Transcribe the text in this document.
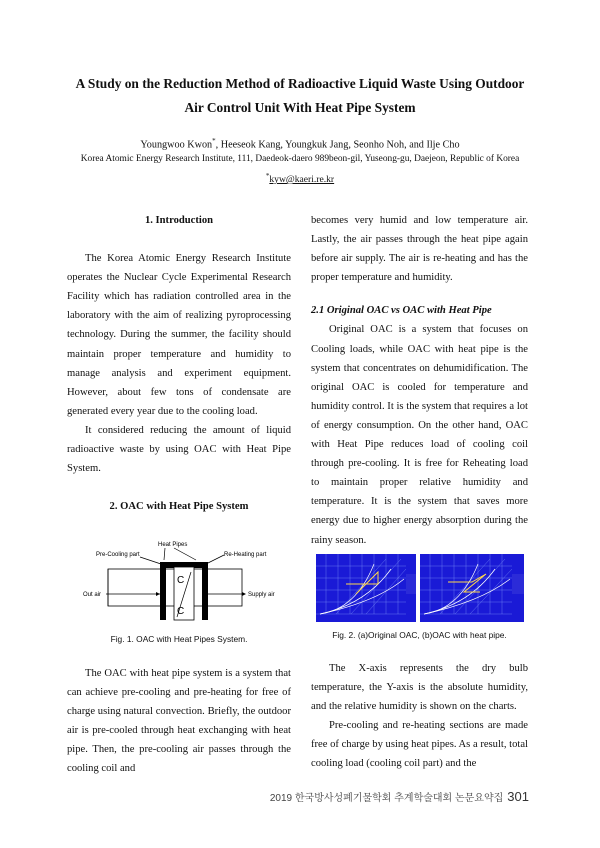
A Study on the Reduction Method of Radioactive Liquid Waste Using Outdoor
Air Control Unit With Heat Pipe System
Youngwoo Kwon*, Heeseok Kang, Youngkuk Jang, Seonho Noh, and Ilje Cho
Korea Atomic Energy Research Institute, 111, Daedeok-daero 989beon-gil, Yuseong-gu, Daejeon, Republic of Korea
*kyw@kaeri.re.kr

1. Introduction

The Korea Atomic Energy Research Institute operates the Nuclear Cycle Experimental Research Facility which has radiation controlled area in the laboratory with the aim of realizing pyroprocessing technology. During the summer, the facility should maintain proper temperature and humidity to manage analysis and experiment equipment. However, about few tons of condensate are generated every year due to the cooling load.

It considered reducing the amount of liquid radioactive waste by using OAC with Heat Pipe System.

2. OAC with Heat Pipe System

Heat Pipes
Pre-Cooling part	Re-Heating part
C
C
Out air	Supply air
Fig. 1. OAC with Heat Pipes System.

The OAC with heat pipe system is a system that can achieve pre-cooling and pre-heating for free of charge using natural convection. Briefly, the outdoor air is pre-cooled through heat exchanging with heat pipe. Then, the pre-cooling air passes through the cooling coil and

becomes very humid and low temperature air. Lastly, the air passes through the heat pipe again before air supply. The air is re-heating and has the proper temperature and humidity.

2.1 Original OAC vs OAC with Heat Pipe

Original OAC is a system that focuses on Cooling loads, while OAC with heat pipe is the system that concentrates on dehumidification. The original OAC is cooled for temperature and humidity control. It is the system that requires a lot of energy consumption. On the other hand, OAC with Heat Pipe reduces load of cooling coil through pre-cooling. It is free for Reheating load to maintain proper relative humidity and temperature. It is the system that saves more energy due to higher energy absorption during the rainy season.

Fig. 2. (a)Original OAC, (b)OAC with heat pipe.

The X-axis represents the dry bulb temperature, the Y-axis is the absolute humidity, and the relative humidity is shown on the charts.

Pre-cooling and re-heating sections are made free of charge by using heat pipes. As a result, total cooling load (cooling coil part) and the

2019 한국방사성폐기물학회 추계학술대회 논문요약집 301
